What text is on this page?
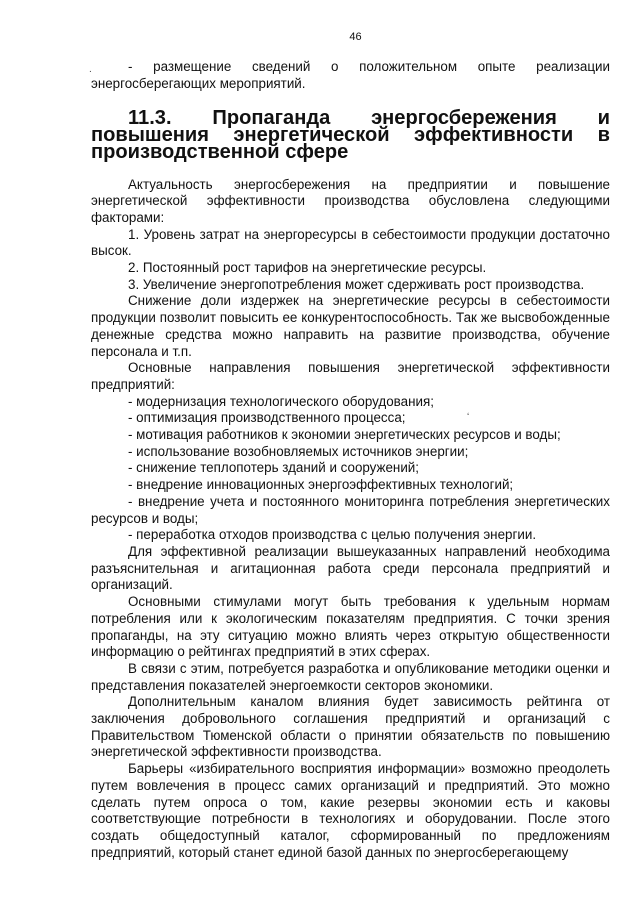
46
.	- размещение сведений о положительном опыте реализации энергосберегающих мероприятий.

11.3. Пропаганда энергосбережения и повышения энергетической эффективности в производственной сфере

Актуальность энергосбережения на предприятии и повышение энергетической эффективности производства обусловлена следующими факторами:

1. Уровень затрат на энергоресурсы в себестоимости продукции достаточно высок.

2. Постоянный рост тарифов на энергетические ресурсы.

3. Увеличение энергопотребления может сдерживать рост производства.

Снижение доли издержек на энергетические ресурсы в себестоимости продукции позволит повысить ее конкурентоспособность. Так же высвобожденные денежные средства можно направить на развитие производства, обучение персонала и т.п.

Основные направления повышения энергетической эффективности предприятий:

- модернизация технологического оборудования;

- оптимизация производственного процесса;	ʻ

- мотивация работников к экономии энергетических ресурсов и воды;

- использование возобновляемых источников энергии;

- снижение теплопотерь зданий и сооружений;

- внедрение инновационных энергоэффективных технологий;

- внедрение учета и постоянного мониторинга потребления энергетических ресурсов и воды;

- переработка отходов производства с целью получения энергии.

Для эффективной реализации вышеуказанных направлений необходима разъяснительная и агитационная работа среди персонала предприятий и организаций.

Основными стимулами могут быть требования к удельным нормам потребления или к экологическим показателям предприятия. С точки зрения пропаганды, на эту ситуацию можно влиять через открытую общественности информацию о рейтингах предприятий в этих сферах.

В связи с этим, потребуется разработка и опубликование методики оценки и представления показателей энергоемкости секторов экономики.

Дополнительным каналом влияния будет зависимость рейтинга от заключения добровольного соглашения предприятий и организаций с Правительством Тюменской области о принятии обязательств по повышению энергетической эффективности производства.

Барьеры «избирательного восприятия информации» возможно преодолеть путем вовлечения в процесс самих организаций и предприятий. Это можно сделать путем опроса о том, какие резервы экономии есть и каковы соответствующие потребности в технологиях и оборудовании. После этого создать общедоступный каталог, сформированный по предложениям предприятий, который станет единой базой данных по энергосберегающему
